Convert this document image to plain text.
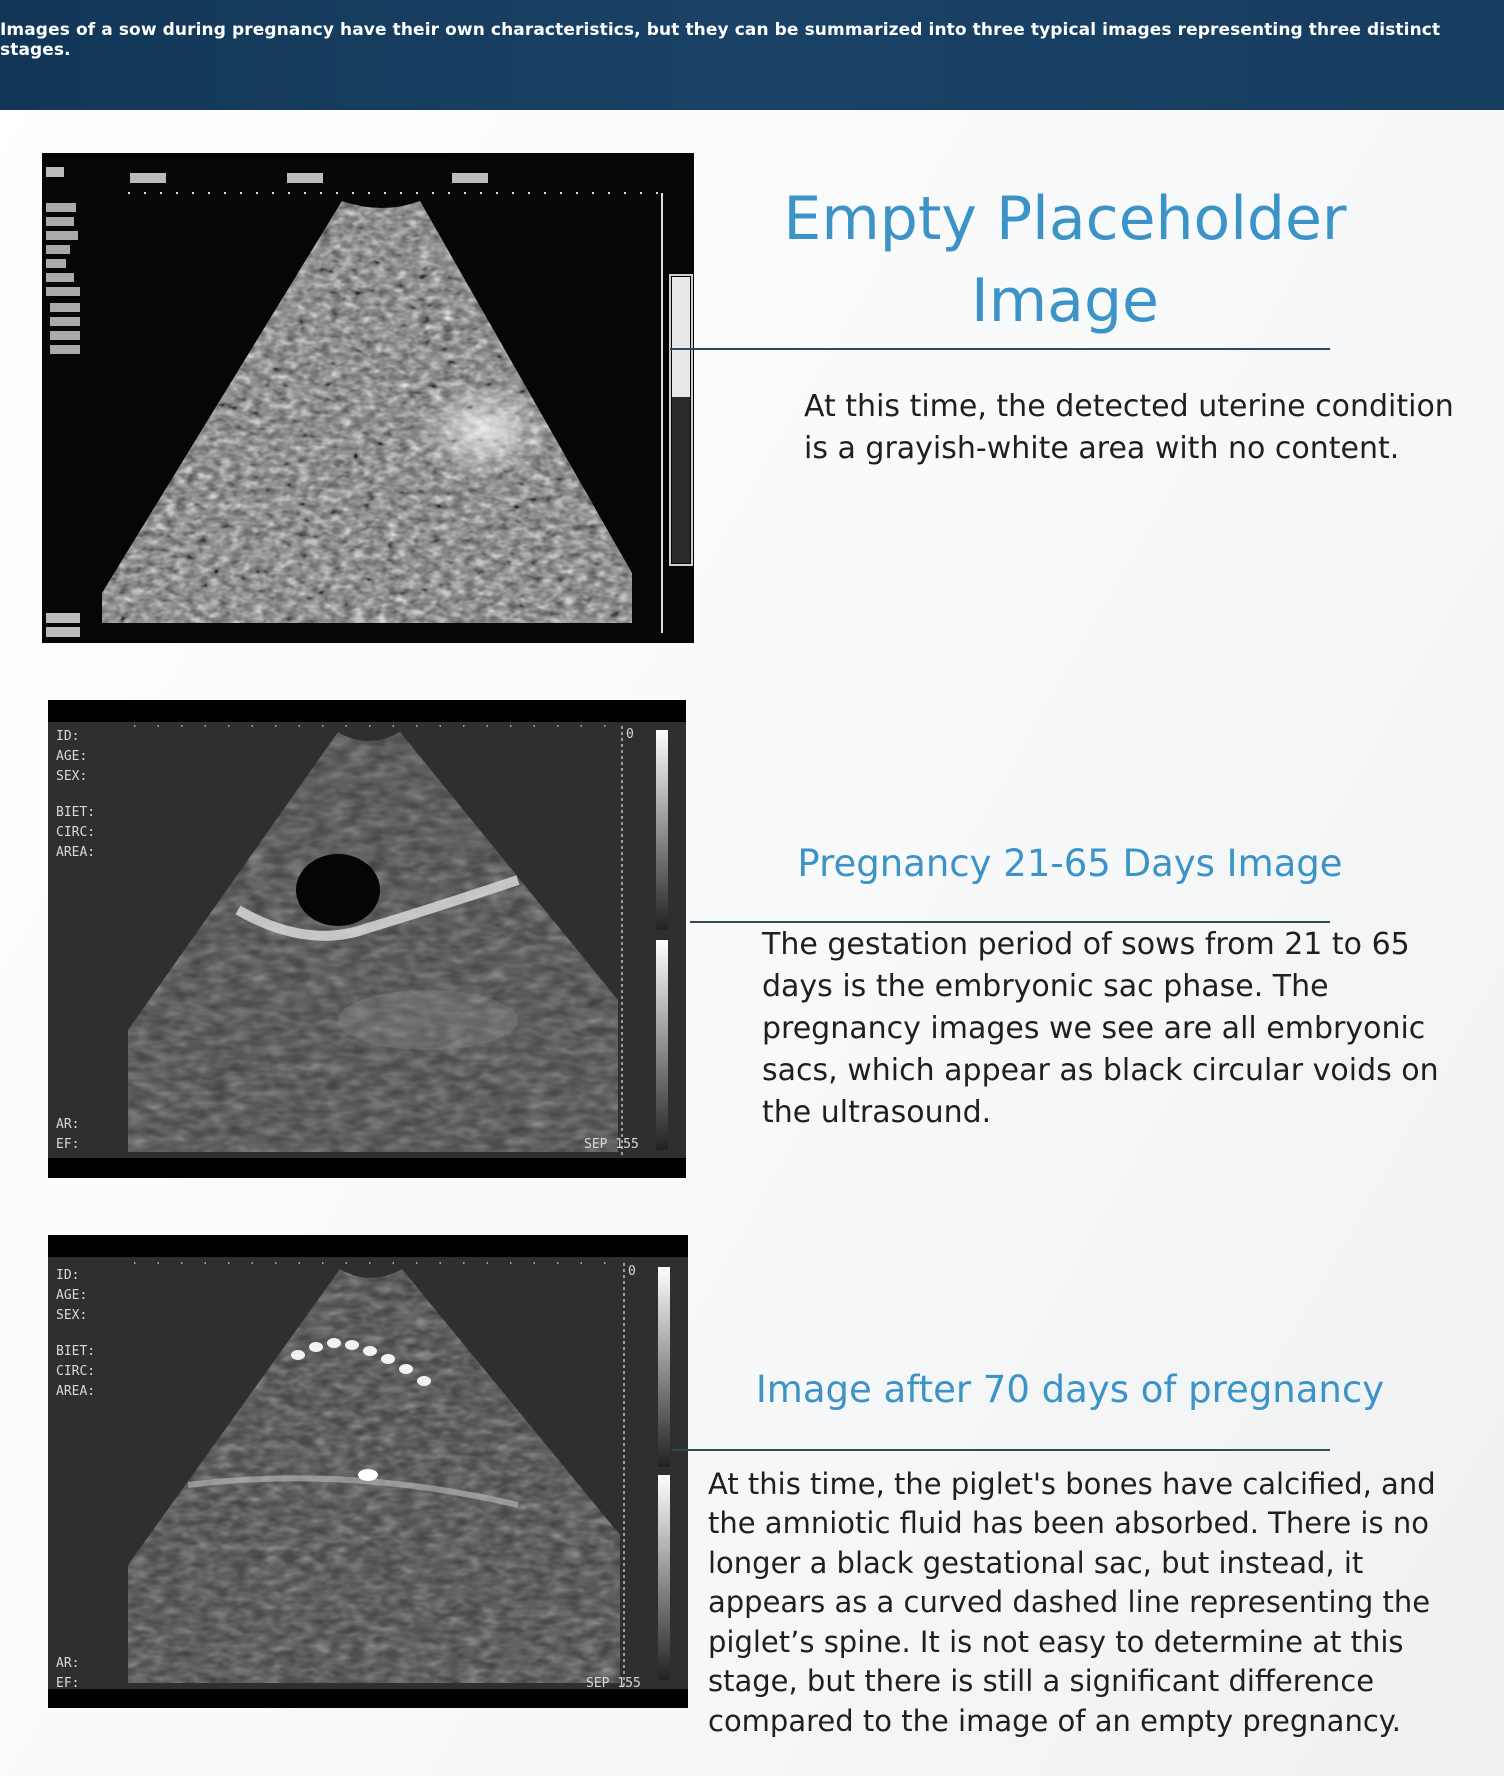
Images of a sow during pregnancy have their own characteristics, but they can be summarized into three typical images representing three distinct stages.

Empty Placeholder
Image

At this time, the detected uterine condition is a grayish-white area with no content.

ID:
AGE:
SEX:
BIET:
CIRC:
AREA:
AR:
EF:	SEP 155
0
Pregnancy 21-65 Days Image

The gestation period of sows from 21 to 65 days is the embryonic sac phase. The pregnancy images we see are all embryonic sacs, which appear as black circular voids on the ultrasound.

ID:
AGE:
SEX:
BIET:
CIRC:
AREA:
AR:
EF:	SEP 155
0
Image after 70 days of pregnancy

At this time, the piglet's bones have calcified, and the amniotic fluid has been absorbed. There is no longer a black gestational sac, but instead, it appears as a curved dashed line representing the piglet’s spine. It is not easy to determine at this stage, but there is still a significant difference compared to the image of an empty pregnancy.
